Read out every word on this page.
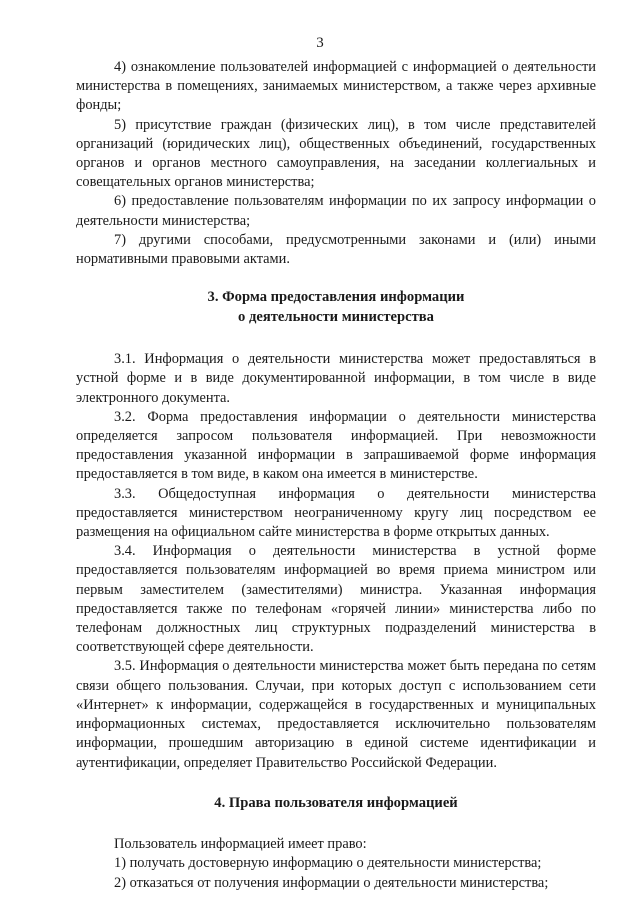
3

4) ознакомление пользователей информацией с информацией о деятельности министерства в помещениях, занимаемых министерством, а также через архивные фонды;

5) присутствие граждан (физических лиц), в том числе представителей организаций (юридических лиц), общественных объединений, государственных органов и органов местного самоуправления, на заседании коллегиальных и совещательных органов министерства;

6) предоставление пользователям информации по их запросу информации о деятельности министерства;

7) другими способами, предусмотренными законами и (или) иными нормативными правовыми актами.

3. Форма предоставления информации

о деятельности министерства

3.1. Информация о деятельности министерства может предоставляться в устной форме и в виде документированной информации, в том числе в виде электронного документа.

3.2. Форма предоставления информации о деятельности министерства определяется запросом пользователя информацией. При невозможности предоставления указанной информации в запрашиваемой форме информация предоставляется в том виде, в каком она имеется в министерстве.

3.3. Общедоступная информация о деятельности министерства предоставляется министерством неограниченному кругу лиц посредством ее размещения на официальном сайте министерства в форме открытых данных.

3.4. Информация о деятельности министерства в устной форме предоставляется пользователям информацией во время приема министром или первым заместителем (заместителями) министра. Указанная информация предоставляется также по телефонам «горячей линии» министерства либо по телефонам должностных лиц структурных подразделений министерства в соответствующей сфере деятельности.

3.5. Информация о деятельности министерства может быть передана по сетям связи общего пользования. Случаи, при которых доступ с использованием сети «Интернет» к информации, содержащейся в государственных и муниципальных информационных системах, предоставляется исключительно пользователям информации, прошедшим авторизацию в единой системе идентификации и аутентификации, определяет Правительство Российской Федерации.

4. Права пользователя информацией

Пользователь информацией имеет право:

1) получать достоверную информацию о деятельности министерства;

2) отказаться от получения информации о деятельности министерства;
